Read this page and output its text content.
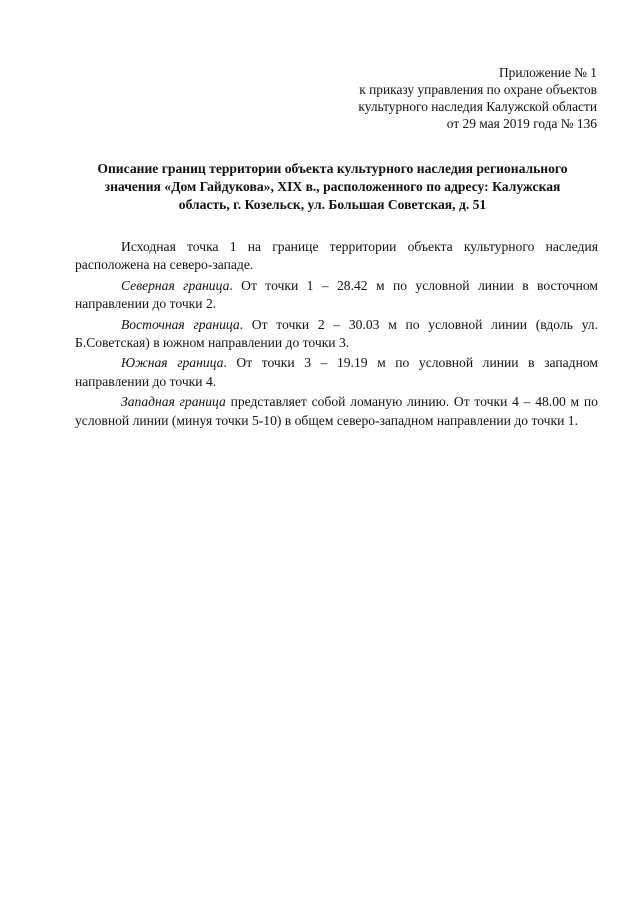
Приложение № 1
к приказу управления по охране объектов
культурного наследия Калужской области
от 29 мая 2019 года № 136
Описание границ территории объекта культурного наследия регионального
значения «Дом Гайдукова», XIX в., расположенного по адресу: Калужская
область, г. Козельск, ул. Большая Советская, д. 51

Исходная точка 1 на границе территории объекта культурного наследия расположена на северо-западе.

Северная граница. От точки 1 – 28.42 м по условной линии в восточном направлении до точки 2.

Восточная граница. От точки 2 – 30.03 м по условной линии (вдоль ул. Б.Советская) в южном направлении до точки 3.

Южная граница. От точки 3 – 19.19 м по условной линии в западном направлении до точки 4.

Западная граница представляет собой ломаную линию. От точки 4 – 48.00 м по условной линии (минуя точки 5-10) в общем северо-западном направлении до точки 1.
